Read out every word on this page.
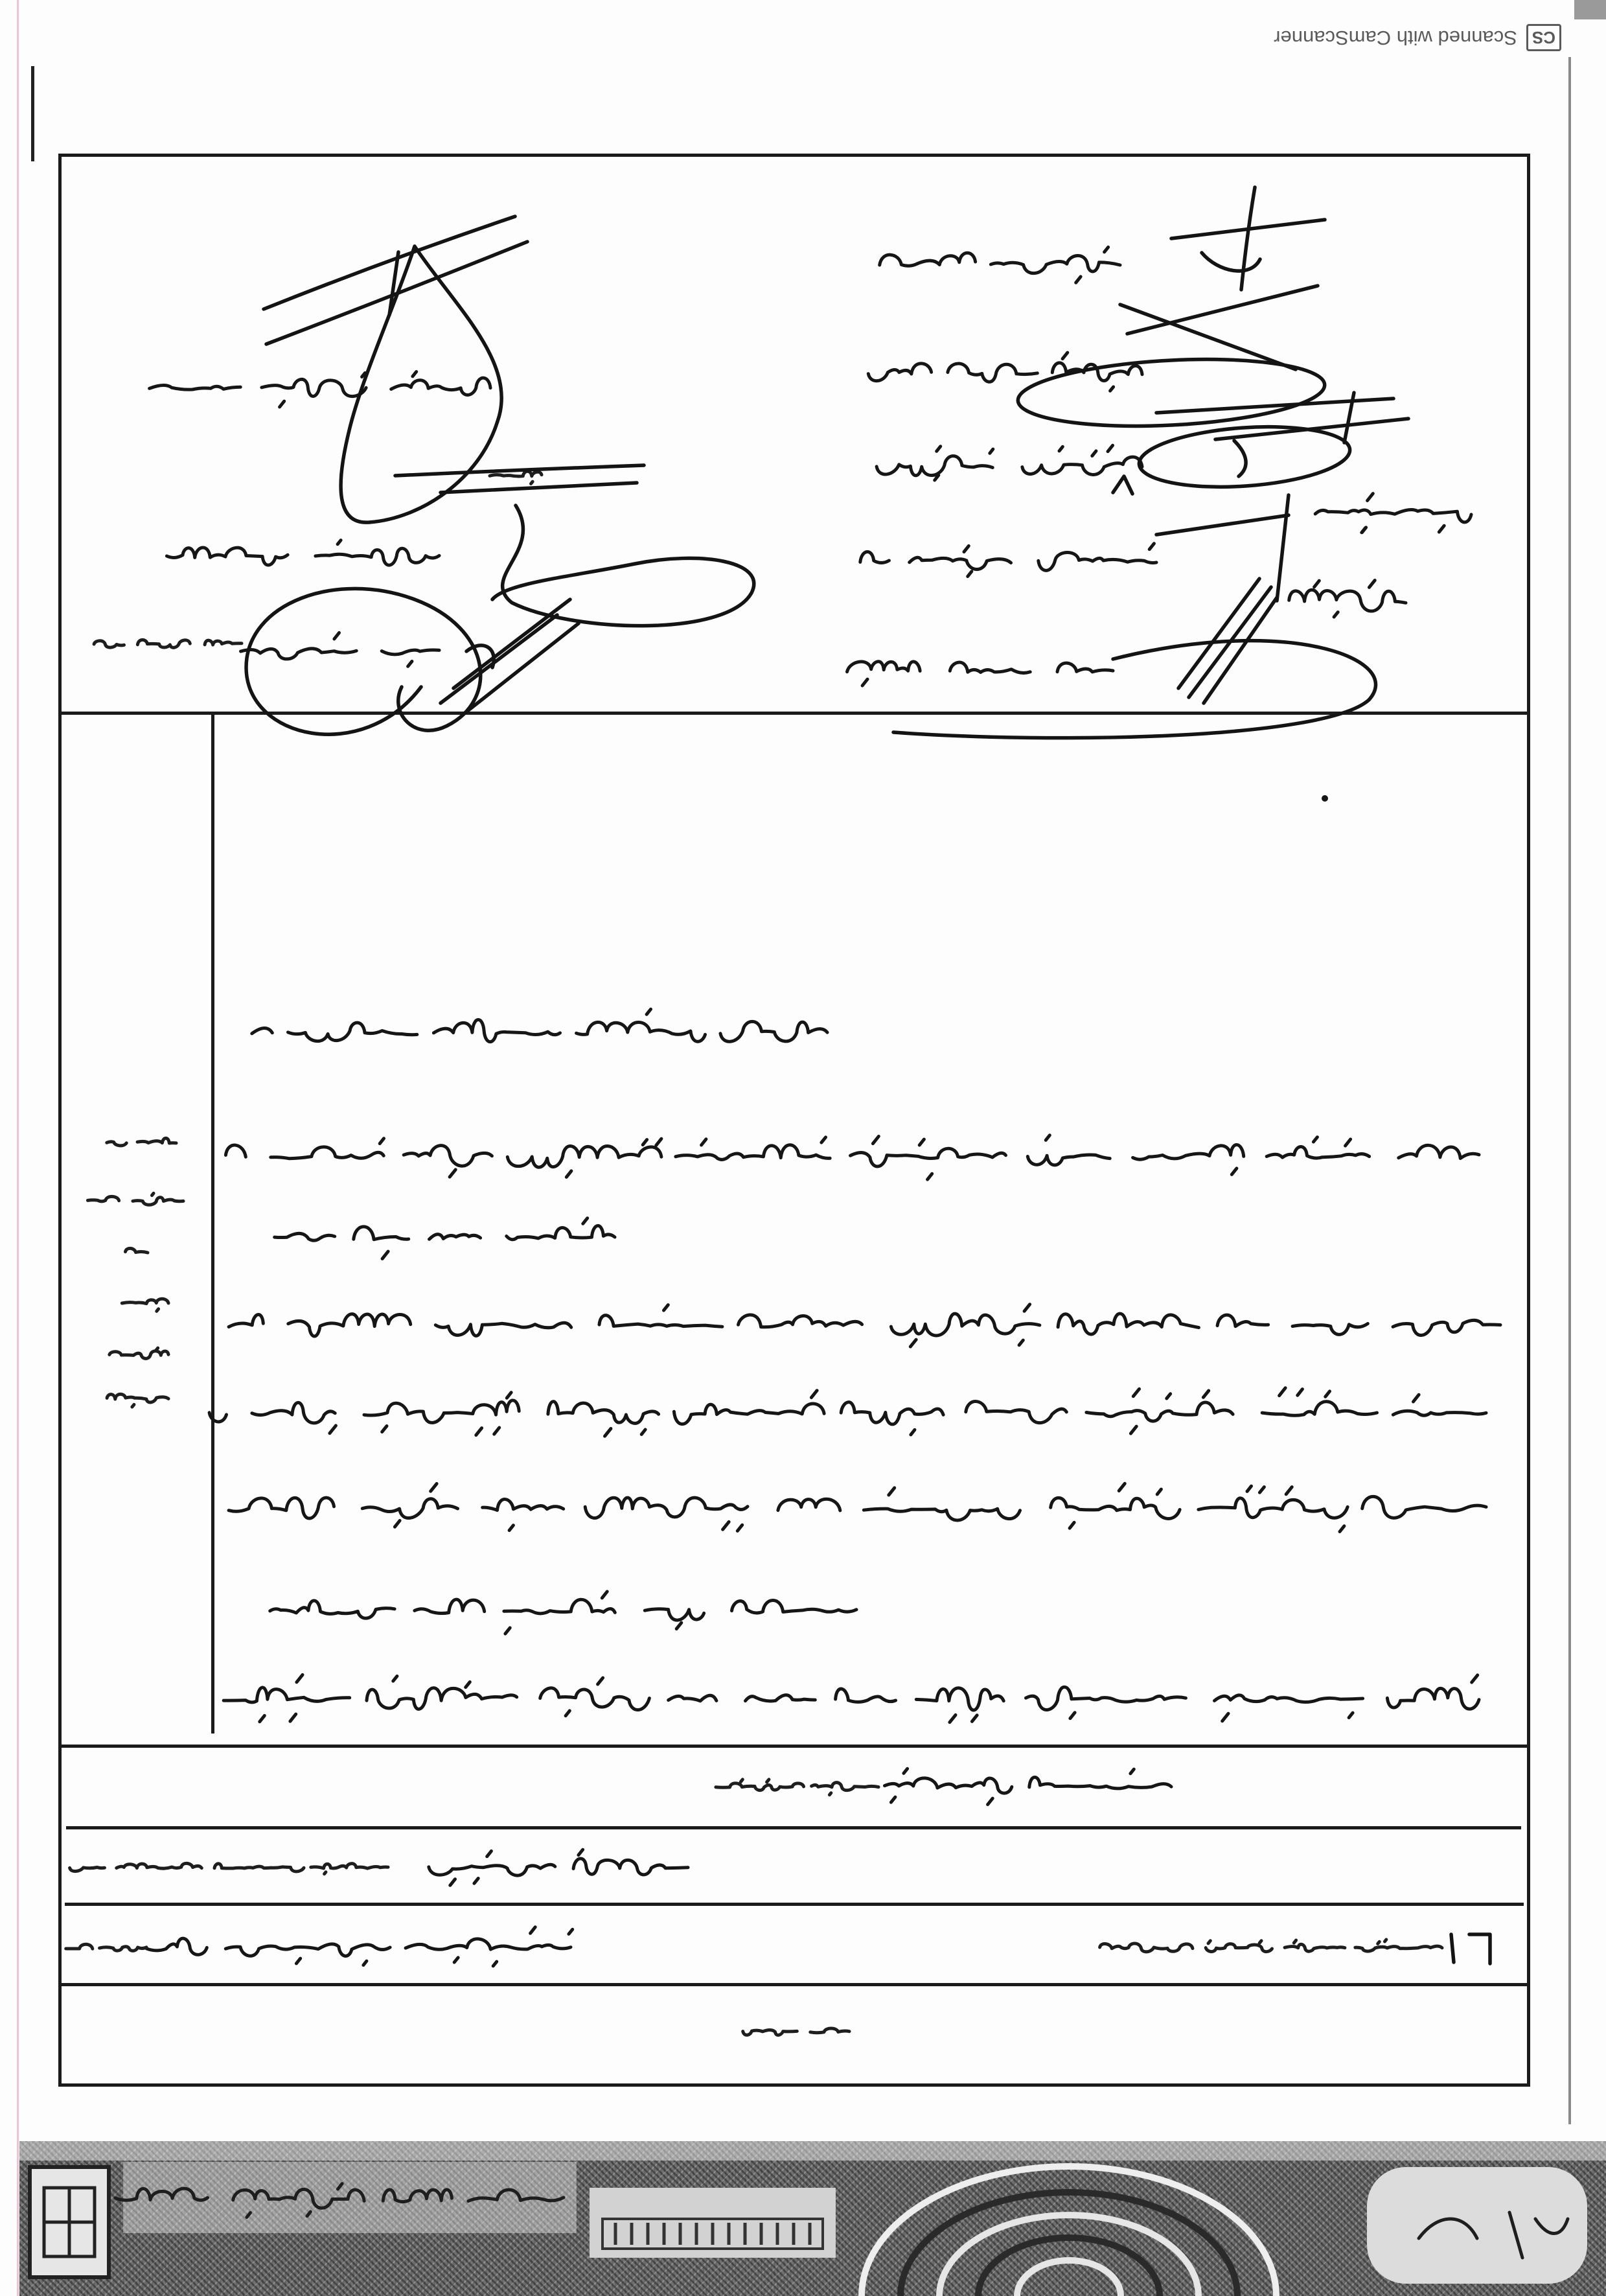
CS
Scanned with CamScanner
